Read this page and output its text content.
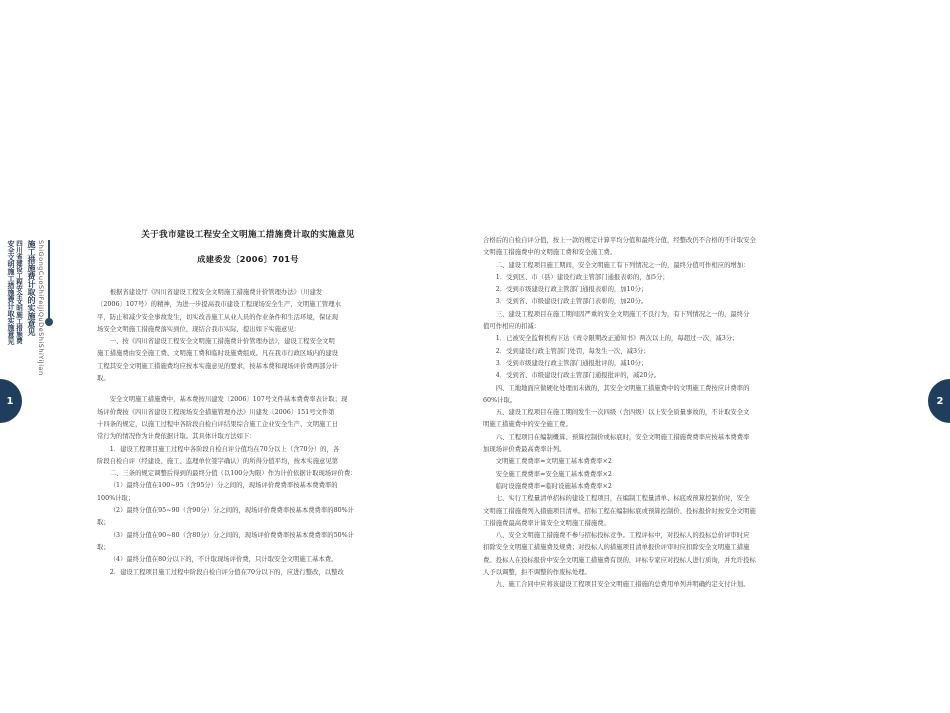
安全文明施工措施费计取实施意见 四川省建设工程安全文明施工措施费 施工措施费计取的实施意见 ShiGongCuoShiFeiJiQuDeShiShiYiJian
1	2

关于我市建设工程安全文明施工措施费计取的实施意见

成建委发〔2006〕701号

根据省建设厅《四川省建设工程安全文明施工措施费计价管理办法》（川建发

〔2006〕107号）的精神，为进一步提高我市建设工程现场安全生产、文明施工管理水

平，防止和减少安全事故发生，切实改善施工从业人员的作业条件和生活环境，保证现

场安全文明施工措施费落实到位，现结合我市实际，提出如下实施意见：

一、按《四川省建设工程安全文明施工措施费计价管理办法》，建设工程安全文明

施工措施费由安全施工费、文明施工费和临时设施费组成。凡在我市行政区域内的建设

工程其安全文明施工措施费均应按本实施意见的要求，按基本费和现场评价费两部分计

取。

安全文明施工措施费中，基本费按川建发〔2006〕107号文件基本费费率表计取；现

场评价费按《四川省建设工程现场安全措施管理办法》川建发〔2006〕151号文件第

十四条的规定，以施工过程中各阶段自检自评结果综合施工企业安全生产、文明施工日

常行为的情况作为计费依据计取。其具体计取方法如下：

1．建设工程项目施工过程中各阶段自检自评分值均在70分以上（含70分）的，各

阶段自检自评（经建设、施工、监理单位签字确认）的所得分值平均，按本实施意见第

二、三条的规定调整后得到的最终分值（以100分为限）作为计价依据计取现场评价费：

（1）最终分值在100~95（含95分）分之间的，现场评价费费率按基本费费率的

100%计取；

（2）最终分值在95~90（含90分）分之间的，现场评价费费率按基本费费率的80%计

取；

（3）最终分值在90~80（含80分）分之间的，现场评价费费率按基本费费率的50%计

取；

（4）最终分值在80分以下的，不计取现场评价费，只计取安全文明施工基本费。

2．建设工程项目施工过程中阶段自检自评分值在70分以下的，应进行整改，以整改

合格后的自检自评分值，按上一款的规定计算平均分值和最终分值，经整改仍不合格的不计取安全

文明施工措施费中的文明施工费和安全施工费。

二、建设工程项目施工期间，安全文明施工有下列情况之一的，最终分值可作相应的增加：

1．受到区、市（县）建设行政主管部门通报表彰的，加5分；

2．受到市级建设行政主管部门通报表彰的，加10分；

3．受到省、市级建设行政主管部门表彰的，加20分。

三、建设工程项目在施工期间因严重的安全文明施工不良行为，有下列情况之一的，最终分

值可作相应的扣减：

1．已被安全监督机构下达《责令限期改正通知书》两次以上的，每超过一次，减3分；

2．受到建设行政主管部门处罚，每发生一次，减3分；

3．受到市级建设行政主管部门通报批评的，减10分；

4．受到省、市级建设行政主管部门通报批评的，减20分。

四、工地地面应做硬化处理而未做的，其安全文明施工措施费中的文明施工费按应计费率的

60%计取。

五、建设工程项目在施工期间发生一次四级（含四级）以上安全质量事故的，不计取安全文

明施工措施费中的安全施工费。

六、工程项目在编制概算、预算控制价或标底时，安全文明施工措施费费率应按基本费费率

加现场评价费最高费率计列。

文明施工费费率=文明施工基本费费率×2

安全施工费费率=安全施工基本费费率×2

临时设施费费率=临时设施基本费费率×2

七、实行工程量清单招标的建设工程项目，在编制工程量清单、标底或预算控制价时，安全

文明施工措施费列入措施项目清单。招标工程在编制标底或预算控制价、投标报价时按安全文明施

工措施费最高费率计算安全文明施工措施费。

八、安全文明施工措施费不参与招标投标竞争。工程评标中，对投标人的投标总价评审时应

扣除安全文明施工措施费及规费；对投标人的措施项目清单报价评审时应扣除安全文明施工措施

费。投标人在投标报价中安全文明施工措施费有误的，评标专家应对投标人进行质询，并允许投标

人予以调整，拒不调整的作废标处理。

九、施工合同中应将该建设工程项目安全文明施工措施的总费用单列并明确约定支付计划。
